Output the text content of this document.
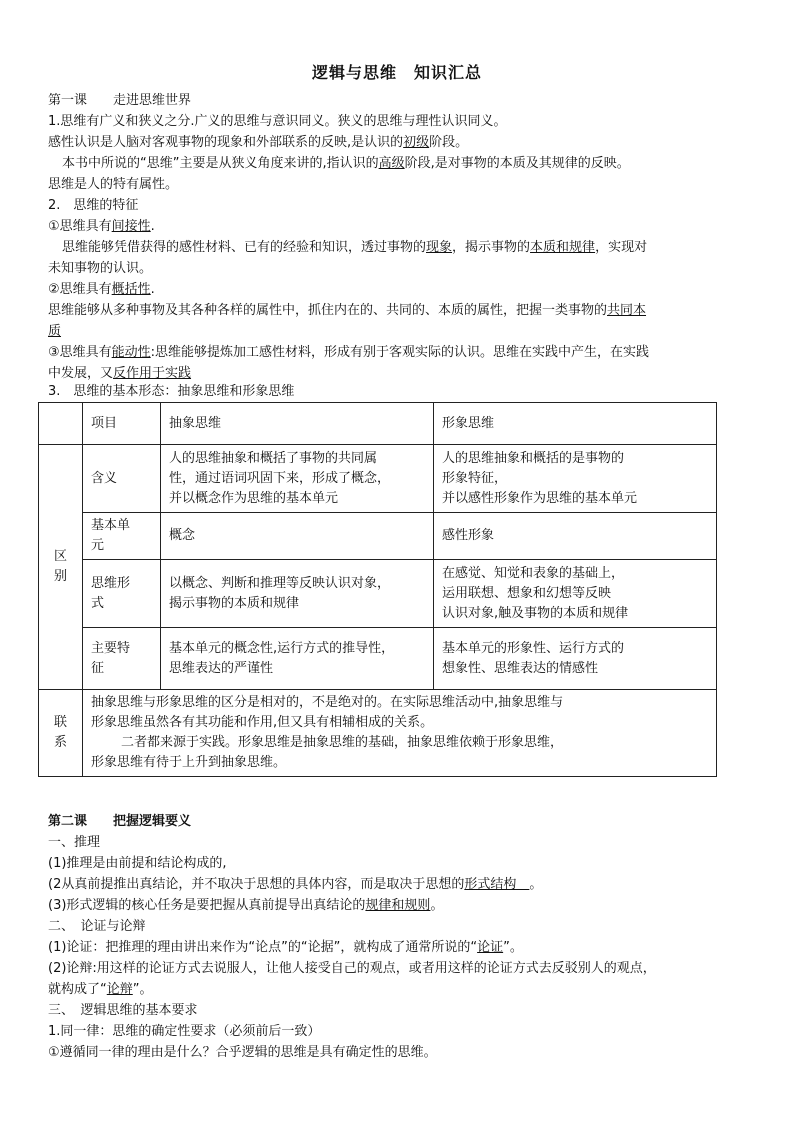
逻辑与思维　知识汇总
第一课　　走进思维世界
1.思维有广义和狭义之分.广义的思维与意识同义。狭义的思维与理性认识同义。
感性认识是人脑对客观事物的现象和外部联系的反映,是认识的初级阶段。
本书中所说的“思维”主要是从狭义角度来讲的,指认识的高级阶段,是对事物的本质及其规律的反映。
思维是人的特有属性。
2.　思维的特征
①思维具有间接性.
思维能够凭借获得的感性材料、已有的经验和知识，透过事物的现象，揭示事物的本质和规律，实现对
未知事物的认识。
②思维具有概括性.
思维能够从多种事物及其各种各样的属性中，抓住内在的、共同的、本质的属性，把握一类事物的共同本
质
③思维具有能动性:思维能够提炼加工感性材料，形成有别于客观实际的认识。思维在实践中产生，在实践
中发展，又反作用于实践
3.　思维的基本形态：抽象思维和形象思维
	项目	抽象思维	形象思维

区
别	含义	人的思维抽象和概括了事物的共同属
性，通过语词巩固下来，形成了概念，
并以概念作为思维的基本单元	人的思维抽象和概括的是事物的
形象特征，
并以感性形象作为思维的基本单元

	基本单
元	概念	感性形象

	思维形
式	以概念、判断和推理等反映认识对象，
揭示事物的本质和规律	在感觉、知觉和表象的基础上，
运用联想、想象和幻想等反映
认识对象,触及事物的本质和规律

	主要特
征	基本单元的概念性,运行方式的推导性，
思维表达的严谨性	基本单元的形象性、运行方式的
想象性、思维表达的情感性

联
系	抽象思维与形象思维的区分是相对的，不是绝对的。在实际思维活动中,抽象思维与
形象思维虽然各有其功能和作用,但又具有相辅相成的关系。
二者都来源于实践。形象思维是抽象思维的基础，抽象思维依赖于形象思维，
形象思维有待于上升到抽象思维。		
第二课　　把握逻辑要义
一、推理
(1)推理是由前提和结论构成的,
(2从真前提推出真结论，并不取决于思想的具体内容，而是取决于思想的形式结构　。
(3)形式逻辑的核心任务是要把握从真前提导出真结论的规律和规则。
二、　论证与论辩
(1)论证：把推理的理由讲出来作为“论点”的“论据”，就构成了通常所说的“论证”。
(2)论辩:用这样的论证方式去说服人，让他人接受自己的观点，或者用这样的论证方式去反驳别人的观点，
就构成了“论辩”。
三、　逻辑思维的基本要求
1.同一律：思维的确定性要求（必须前后一致）
①遵循同一律的理由是什么？合乎逻辑的思维是具有确定性的思维。
